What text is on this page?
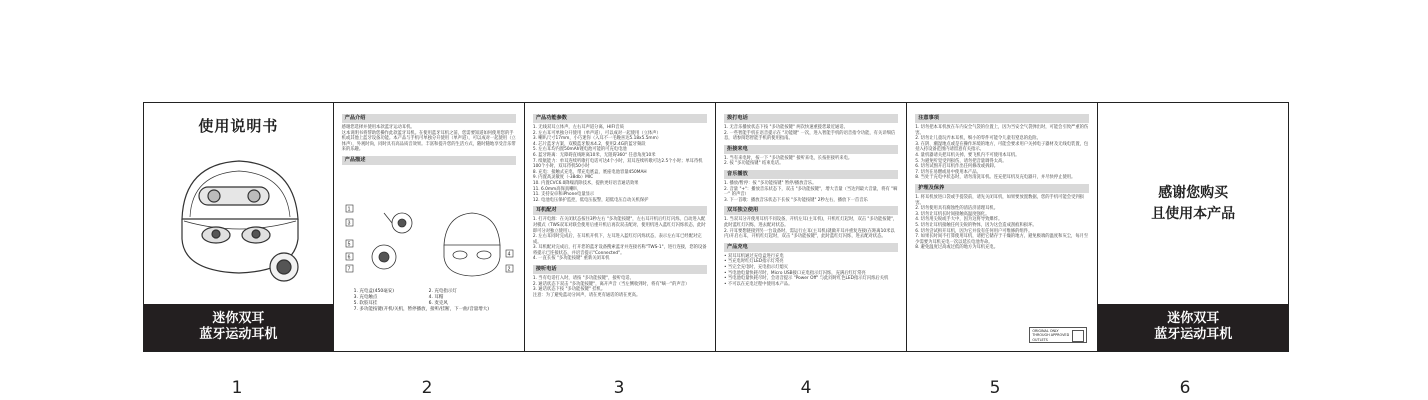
使用说明书
迷你双耳
蓝牙运动耳机
产品介绍
感谢您选择并使用本款蓝牙运动耳机。
这本说明书将帮助您操作此款蓝牙耳机。在使用蓝牙耳机之前，您需要知道如何使用您的手机或其他上蓝牙设备功能。本产品与手机可单独分开使用（单声道），可以成对一起使用（立体声），外观时尚，同时具有高品质音效果。丰富和提升您的生活方式，随时随地享受音乐带来的乐趣。
产品描述
1
3
5
6
7
4
2
1. 充电盒(450毫安)	2. 充电指示灯
3. 充电触点	4. 耳帽
5. 软胶耳挂	6. 麦克风
7. 多功能按键(开机/关机，暂停播放，接听/挂断，下一曲/音量增大)
产品功能参数
1. 无线双耳立体声，左右耳声道分离，HIFI音质
2. 左右耳可单独分开使用（单声道），可以成对一起使用（立体声）
3. 喇叭尺寸17mm，小巧迷你（入耳不一毛晚喜达5.18x5.5mm）
4. 芯片蓝牙方案，双模蓝牙版本4.2，使用2.4G的蓝牙频段
5. 左右耳均内置50mAh锂电池可能的可充电电池
6. 蓝牙距离：无障碍直线距离10米，无阻碍360° 任意角度10米
7. 续航能力：单耳连续听歌打电话可达4个小时，双耳连续听歌可达2.5个小时；单耳待机100个小时，双耳待机50小时
8. 充电：接触式充电，带充电底盒，底座电池容量450MAH
9. 内置高灵敏度（-38db）MIC
10. 内置CVC6.0降噪消除技术，提供更好语音通话效果
11. 6.0mm高保真喇叭
11. 支持安卓和iPhone电量显示
12. 电池电压保护监控，低电压报警，超低电压自动关机保护
耳机配对
1. 打开电源：在关闭状态按住3秒左右 "多功能按键"，左右耳开机后红灯闪烁，自动进入配对模式（TWS双耳对联会使用后重开机后再次双击配对，使用机进入蓝红灯闪烁状态，此时即可分对独立使用）。
2. 左右耳同时完成后，在耳机开机下，左耳进入蓝红灯闪烁状态，表示左右耳已经配对完成。
3. 耳机配对完成后，打开您的蓝牙设备搜索蓝牙并连接名称"TWS-1"，进行连接，您的设备将提示已连接状态，并语音提示"Connected"。
4. 一直长按 "多功能按键" 重新关闭耳机
接听电话
1. 当有电话打入时，请按 "多功能按键"，接听电话。
2. 通话状态下双击 "多功能按键"，离开声音（当左侧收到时，将有"嘀一"的声音）
3. 通话状态下按 "多功能按键" 挂机。
注意：为了避免蓝动分回声，请在更有通话的请在更高。
拨打电话
1. 无音乐播放状态下按 "多功能按键" 两次快速重拨您最近通话。
2. 一些智能手机在语音提示在 "功能键" 一次，进入智能手机的语音指令功能，有关详细信息，请参阅您智能手机的使用指南。
拒接来电
1. 当有来电时，按一下 "多功能按键" 接听来电，长按拒接听来电。
2. 按 "多功能按键" 结束电话。
音乐播放
1. 播放/暂停：按 "多功能按键" 暂停/播放音乐。
2. 音量 "+"：播放音乐状态下，双击 "多功能按键"，增大音量（当达到最大音量，将有 "嘀一" 的声音）
3. 下一首歌：播放音乐状态下长按 "多功能按键" 2秒左右，播放下一首音乐
双耳独立使用
1. 当双耳分开使用耳机不同设备，开机左耳(主耳机)，开机红灯起时，双击 "多功能按键"，此时蓝红灯闪烁，进去配对状态。
2. 开耳要想链接到另一台设备时，需运行左耳(主耳机)就做开耳并重复连接(在距离10米以内)开启右耳，开机红灯起时，双击 "多功能按键"，此时蓝红灯闪烁，进去配对状态。
产品充电
• 双耳耳机通过充电盒进行充电
• 当充电时红灯LED指示灯常亮
• 当完全充电时，充电指示灯熄灭
• 当电池电量快耗尽时，Micro USB接口充电指示灯闪烁，充满后红灯常亮
• 当电池电量快耗尽时，会语音提示 "Power Off" 与此同时红色LED指示灯闪烁后关机
• 不可以在充电过程中使用本产品。
注意事项
1. 切勿把本耳机放在车内安全气袋的位置上，因为当安全气袋弹出时，可能会引致严重的伤害。
2. 切勿让儿童玩弄本耳机，细小的零件可能令儿童有窒息的危险。
3. 在阴、潮湿地点或是在操作环境的地方，可能会要求用户关掉电子器材及无线电装置，包括入持设备范围内请留意有关指示。
4. 量机器请关把耳机关掉，要飞机内不可使用本耳机。
5. 为避免听觉受到损伤，请勿把音量调得太高。
6. 切勿试图开启耳机作出任何修改或拆卸。
7. 切勿在易燃或易中使用本产品。
8. 当处于充电中状态时，请勿清洗耳机。连充把耳机及充电器开，并尽快停止使用。
护理及保养
1. 将耳机放进口袋或手提袋前，请先关闭耳机，如果要放置数据，您的手机可能会受到损害。
2. 切勿使用具有腐蚀性的清洁济清理耳机。
3. 切勿让耳机长时间接触高温度强化。
4. 切勿用尖锐或手大中，因为这将导致爆炸。
5. 切勿让耳机接触任何尖锐的物体，因为这会造成刮痕和损坏。
6. 切勿尝试拆开耳机，因为它并没有任何用户可维修的组件。
7. 如果长时间不打算使用耳机，请把它储存于干燥的地方，避免极端的温度和灰尘，每月至少需要为耳机充电一次以延长电池寿命。
8. 避免温度过高或过低的地方为耳机充电。
ORIGINAL ONLY
THROUGH APPROVED
OUTLETS
感谢您购买
且使用本产品
迷你双耳
蓝牙运动耳机
1	2	3	4	5	6
